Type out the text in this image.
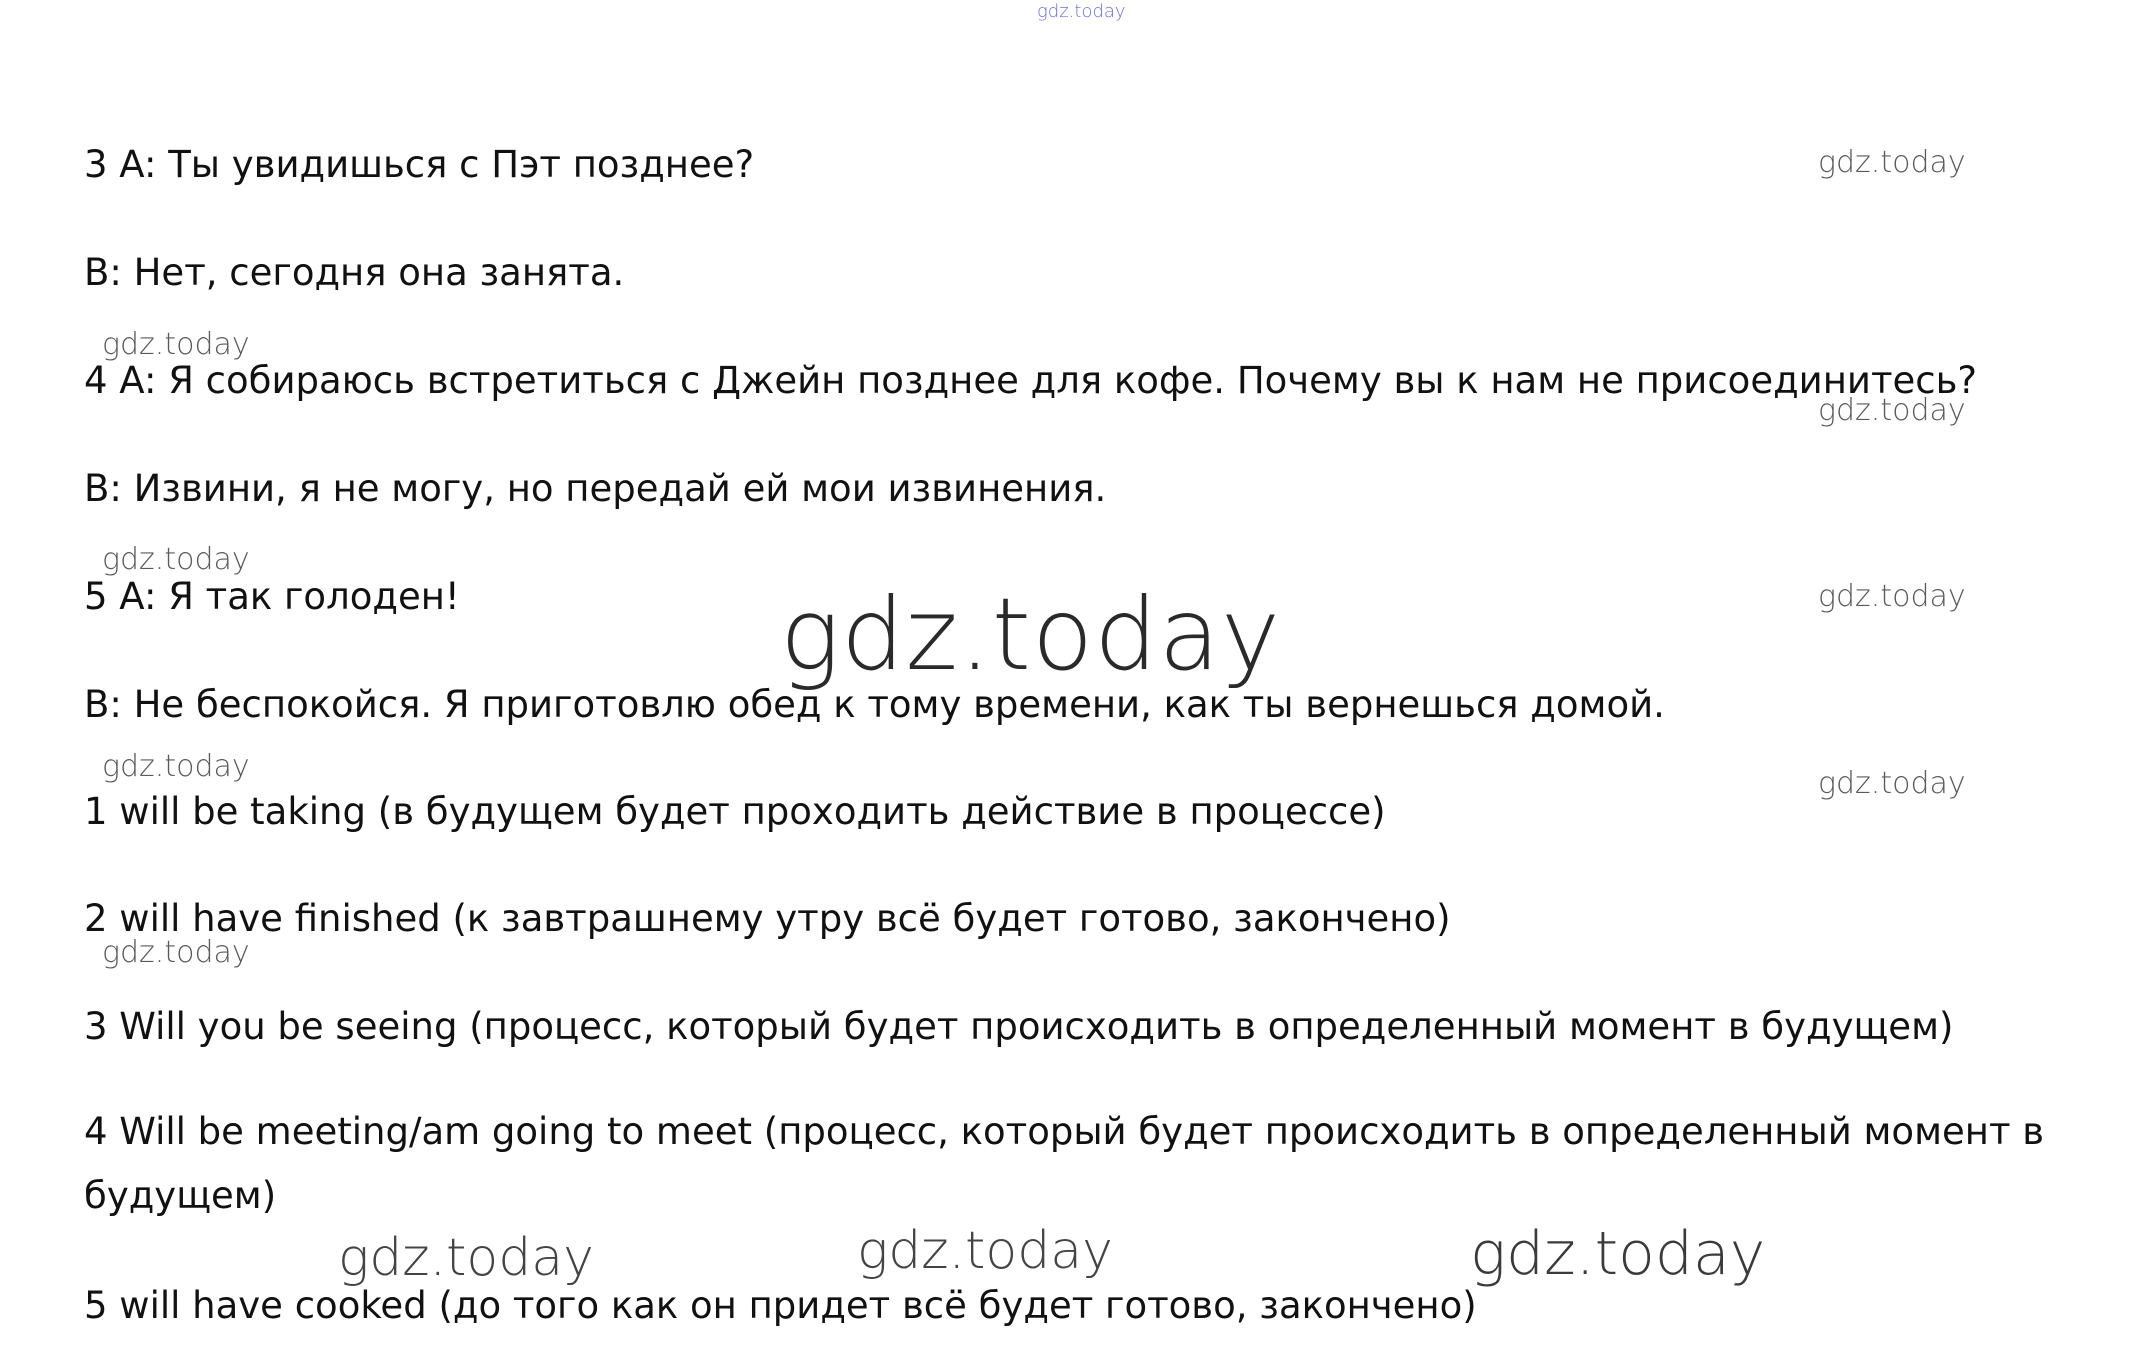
gdz.today
3 A: Ты увидишься с Пэт позднее?
B: Нет, сегодня она занята.
4 A: Я собираюсь встретиться с Джейн позднее для кофе. Почему вы к нам не присоединитесь?
B: Извини, я не могу, но передай ей мои извинения.
5 A: Я так голоден!
B: Не беспокойся. Я приготовлю обед к тому времени, как ты вернешься домой.
1 will be taking (в будущем будет проходить действие в процессе)
2 will have finished (к завтрашнему утру всё будет готово, закончено)
3 Will you be seeing (процесс, который будет происходить в определенный момент в будущем)
4 Will be meeting/am going to meet (процесс, который будет происходить в определенный момент в будущем)
5 will have cooked (до того как он придет всё будет готово, закончено)
gdz.today
gdz.today
gdz.today
gdz.today
gdz.today
gdz.today
gdz.today
gdz.today
gdz.today
gdz.today	gdz.today	gdz.today
